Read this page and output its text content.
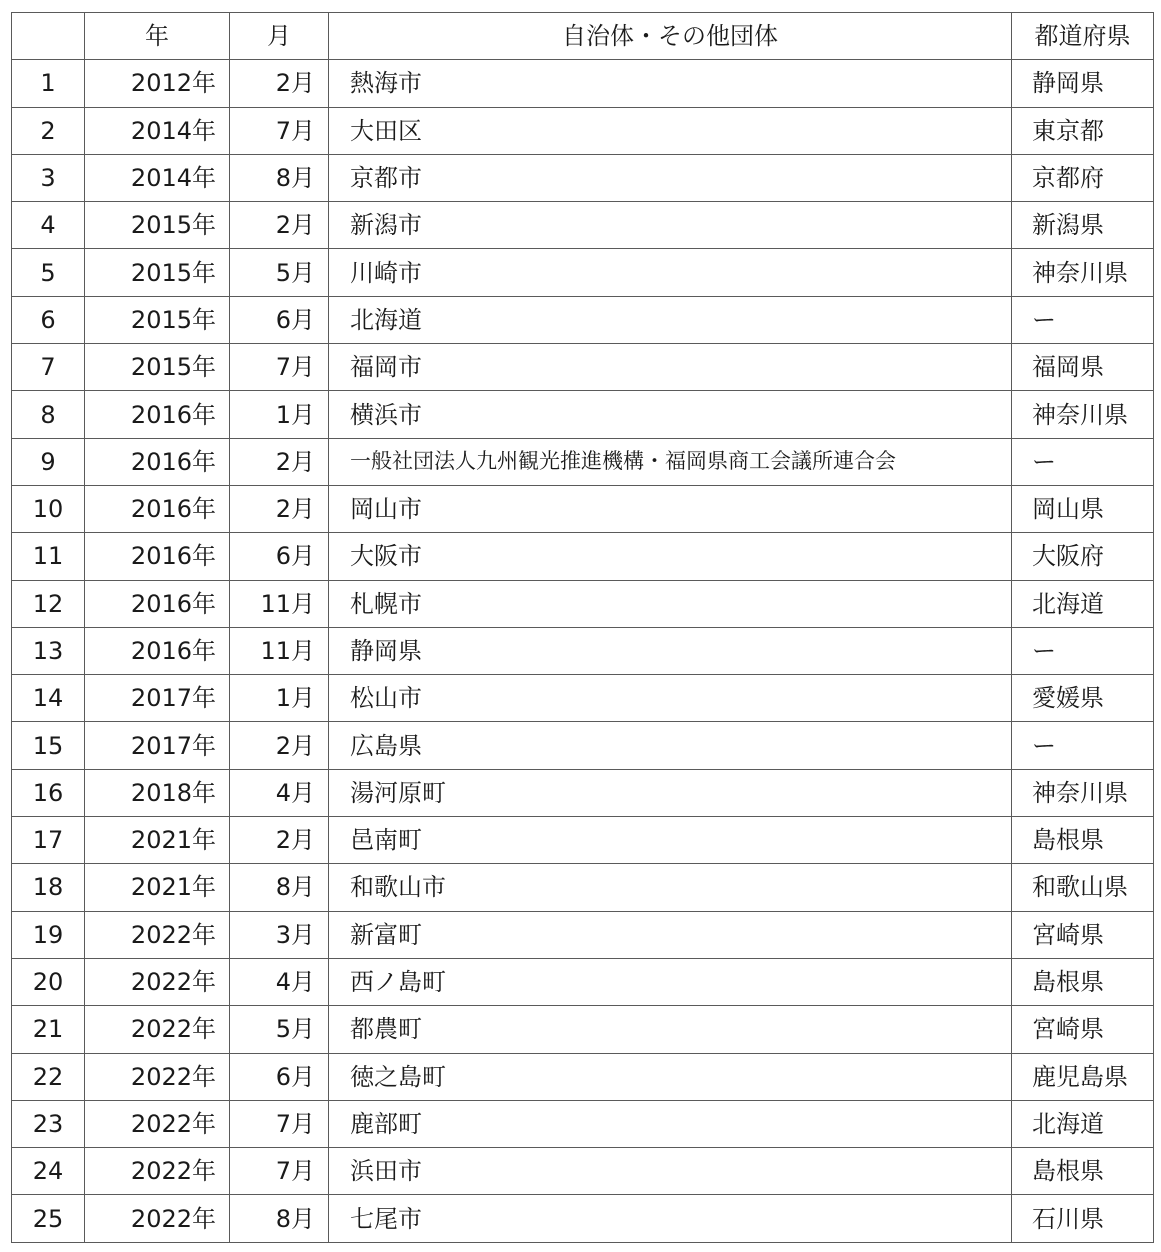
	年	月	自治体・その他団体	都道府県
1	2012年	2月	熱海市	静岡県
2	2014年	7月	大田区	東京都
3	2014年	8月	京都市	京都府
4	2015年	2月	新潟市	新潟県
5	2015年	5月	川崎市	神奈川県
6	2015年	6月	北海道	ー
7	2015年	7月	福岡市	福岡県
8	2016年	1月	横浜市	神奈川県
9	2016年	2月	一般社団法人九州観光推進機構・福岡県商工会議所連合会	ー
10	2016年	2月	岡山市	岡山県
11	2016年	6月	大阪市	大阪府
12	2016年	11月	札幌市	北海道
13	2016年	11月	静岡県	ー
14	2017年	1月	松山市	愛媛県
15	2017年	2月	広島県	ー
16	2018年	4月	湯河原町	神奈川県
17	2021年	2月	邑南町	島根県
18	2021年	8月	和歌山市	和歌山県
19	2022年	3月	新富町	宮崎県
20	2022年	4月	西ノ島町	島根県
21	2022年	5月	都農町	宮崎県
22	2022年	6月	徳之島町	鹿児島県
23	2022年	7月	鹿部町	北海道
24	2022年	7月	浜田市	島根県
25	2022年	8月	七尾市	石川県
